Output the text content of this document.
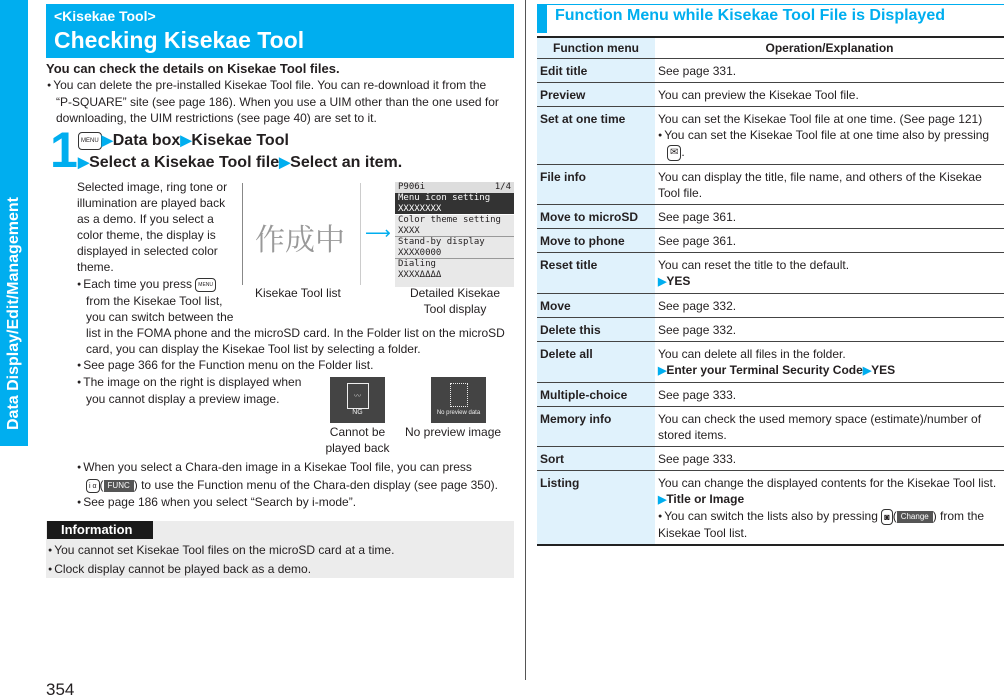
Data Display/Edit/Management
354
<Kisekae Tool>
Checking Kisekae Tool
You can check the details on Kisekae Tool files.
● You can delete the pre-installed Kisekae Tool file. You can re-download it from the
“P-SQUARE” site (see page 186). When you use a UIM other than the one used for
downloading, the UIM restrictions (see page 40) are set to it.
1 MENU ▶Data box▶Kisekae Tool
▶Select a Kisekae Tool file▶Select an item.
Selected image, ring tone or
illumination are played back
as a demo. If you select a
color theme, the display is
displayed in selected color
theme.
● Each time you press MENU
from the Kisekae Tool list,
you can switch between the
list in the FOMA phone and the microSD card. In the Folder list on the microSD
card, you can display the Kisekae Tool list by selecting a folder.
● See page 366 for the Function menu on the Folder list.
● The image on the right is displayed when
you cannot display a preview image.
作成中 ⟶
P906i	1/4
Menu icon setting
XXXXXXXX
Color theme setting
XXXX
Stand-by display
XXXX0000
Dialing
XXXXΔΔΔΔ
Kisekae Tool list	Detailed Kisekae
Tool display
〰
NG	No preview data
Cannot be
played back
No preview image
● When you select a Chara-den image in a Kisekae Tool file, you can press
i α ( FUNC ) to use the Function menu of the Chara-den display (see page 350).
● See page 186 when you select “Search by i-mode”.
Information
● You cannot set Kisekae Tool files on the microSD card at a time.
● Clock display cannot be played back as a demo.
Function Menu while Kisekae Tool File is Displayed
Function menu	Operation/Explanation
Edit title	See page 331.
Preview	You can preview the Kisekae Tool file.
Set at one time	You can set the Kisekae Tool file at one time. (See page 121)
● You can set the Kisekae Tool file at one time also by pressing
✉ .

File info	You can display the title, file name, and others of the Kisekae Tool file.
Move to microSD	See page 361.
Move to phone	See page 361.
Reset title	You can reset the title to the default.
▶YES

Move	See page 332.
Delete this	See page 332.
Delete all	You can delete all files in the folder.
▶Enter your Terminal Security Code▶YES

Multiple-choice	See page 333.
Memory info	You can check the used memory space (estimate)/number of stored items.
Sort	See page 333.
Listing	You can change the displayed contents for the Kisekae Tool list.
▶Title or Image
● You can switch the lists also by pressing ◙ ( Change ) from the Kisekae Tool list.
